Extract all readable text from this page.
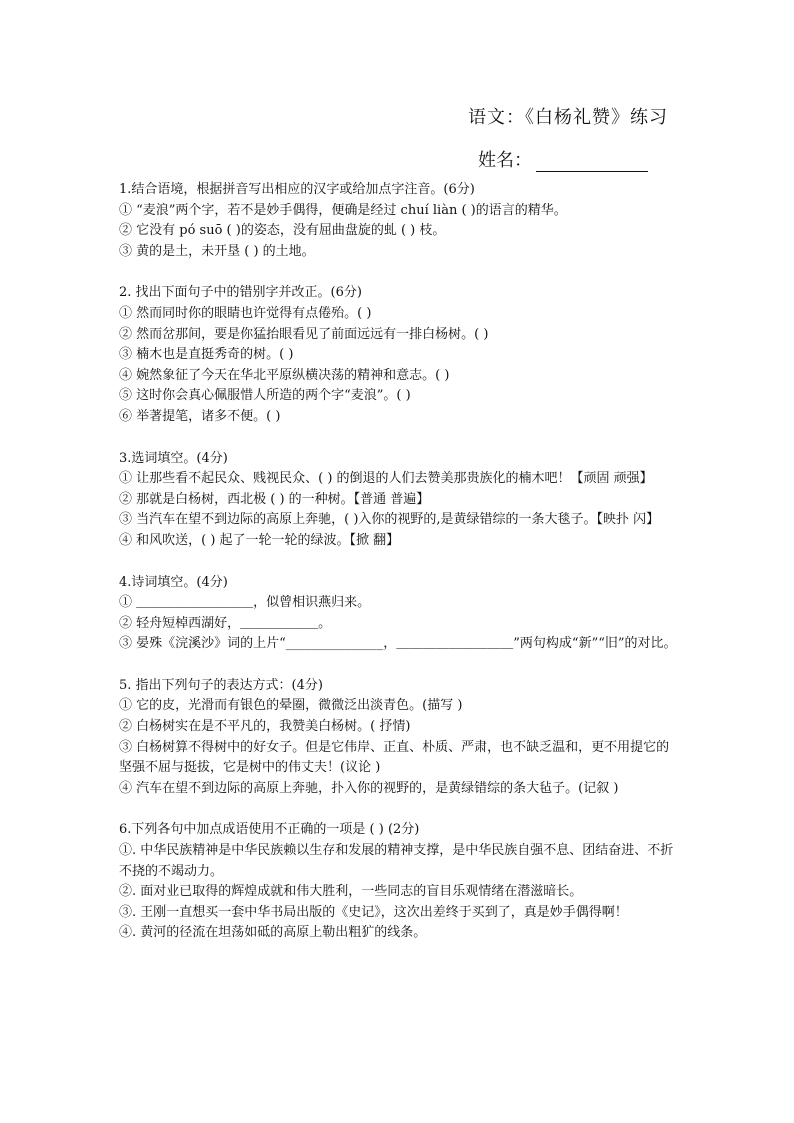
语文：《白杨礼赞》练习
姓名：
1.结合语境，根据拼音写出相应的汉字或给加点字注音。(6分)
① “麦浪”两个字，若不是妙手偶得，便确是经过 chuí liàn ( )的语言的精华。
② 它没有 pó suō ( )的姿态，没有屈曲盘旋的虬 ( ) 枝。
③ 黄的是土，未开垦 ( ) 的土地。
2. 找出下面句子中的错别字并改正。(6分)
① 然而同时你的眼睛也许觉得有点倦殆。( )
② 然而岔那间，要是你猛抬眼看见了前面远远有一排白杨树。( )
③ 楠木也是直挺秀奇的树。( )
④ 婉然象征了今天在华北平原纵横决荡的精神和意志。( )
⑤ 这时你会真心佩服惜人所造的两个字“麦浪”。( )
⑥ 举著提笔，诸多不便。( )
3.选词填空。(4分)
① 让那些看不起民众、贱视民众、( ) 的倒退的人们去赞美那贵族化的楠木吧！【顽固 顽强】
② 那就是白杨树，西北极 ( ) 的一种树。【普通 普遍】
③ 当汽车在望不到边际的高原上奔驰，( )入你的视野的,是黄绿错综的一条大毯子。【映扑 闪】
④ 和风吹送，( ) 起了一轮一轮的绿波。【掀 翻】
4.诗词填空。(4分)
① ＿＿＿＿＿＿＿＿＿，似曾相识燕归来。
② 轻舟短棹西湖好，＿＿＿＿＿＿。
③ 晏殊《浣溪沙》词的上片“_______________，＿＿＿＿＿＿＿＿＿”两句构成“新”“旧”的对比。
5. 指出下列句子的表达方式：(4分)
① 它的皮，光滑而有银色的晕圈，微微泛出淡青色。(描写 )
② 白杨树实在是不平凡的，我赞美白杨树。( 抒情)
③ 白杨树算不得树中的好女子。但是它伟岸、正直、朴质、严肃，也不缺乏温和，更不用提它的坚强不屈与挺拔，它是树中的伟丈夫！(议论 )
④ 汽车在望不到边际的高原上奔驰，扑入你的视野的，是黄绿错综的条大毡子。(记叙 )
6.下列各句中加点成语使用不正确的一项是 ( ) (2分)
①. 中华民族精神是中华民族赖以生存和发展的精神支撑，是中华民族自强不息、团结奋进、不折不挠的不竭动力。
②. 面对业已取得的辉煌成就和伟大胜利，一些同志的盲目乐观情绪在潜滋暗长。
③. 王刚一直想买一套中华书局出版的《史记》，这次出差终于买到了，真是妙手偶得啊！
④. 黄河的径流在坦荡如砥的高原上勒出粗犷的线条。
